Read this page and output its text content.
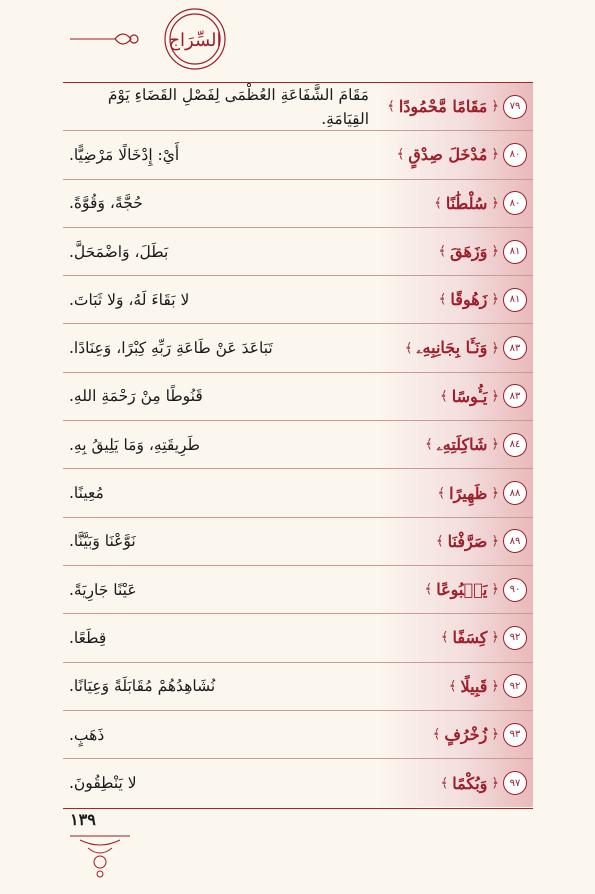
السِّرَاج
مَقَامَ الشَّفَاعَةِ العُظْمَى لِفَصْلِ القَضَاءِ يَوْمَ القِيَامَةِ.
﴾ مَقَامًا مَّحْمُودًا ﴿	٧٩
أَيْ: إِدْخَالًا مَرْضِيًّا.	﴾ مُدْخَلَ صِدْقٍ ﴿	٨٠
حُجَّةً، وَقُوَّةً.	﴾ سُلْطَٰنًا ﴿	٨٠
بَطَلَ، وَاضْمَحَلَّ.	﴾ وَزَهَقَ ﴿	٨١
لا بَقَاءَ لَهُ، وَلا ثَبَاتَ.	﴾ زَهُوقًا ﴿	٨١
تَبَاعَدَ عَنْ طَاعَةِ رَبِّهِ كِبْرًا، وَعِنَادًا.	﴾ وَنَـَٔا بِجَانِبِهِۦ ﴿	٨٣
قَنُوطًا مِنْ رَحْمَةِ اللهِ.	﴾ يَـُٔوسًا ﴿	٨٣
طَرِيقَتِهِ، وَمَا يَلِيقُ بِهِ.	﴾ شَاكِلَتِهِۦ ﴿	٨٤
مُعِينًا.	﴾ ظَهِيرًا ﴿	٨٨
نَوَّعْنَا وَبَيَّنَّا.	﴾ صَرَّفْنَا ﴿	٨٩
عَيْنًا جَارِيَةً.	﴾ يَنۢبُوعًا ﴿	٩٠
قِطَعًا.	﴾ كِسَفًا ﴿	٩٢
نُشَاهِدُهُمْ مُقَابَلَةً وَعِيَانًا.	﴾ قَبِيلًا ﴿	٩٢
ذَهَبٍ.	﴾ زُخْرُفٍ ﴿	٩٣
لا يَنْطِقُونَ.	﴾ وَبُكْمًا ﴿	٩٧
١٣٩
